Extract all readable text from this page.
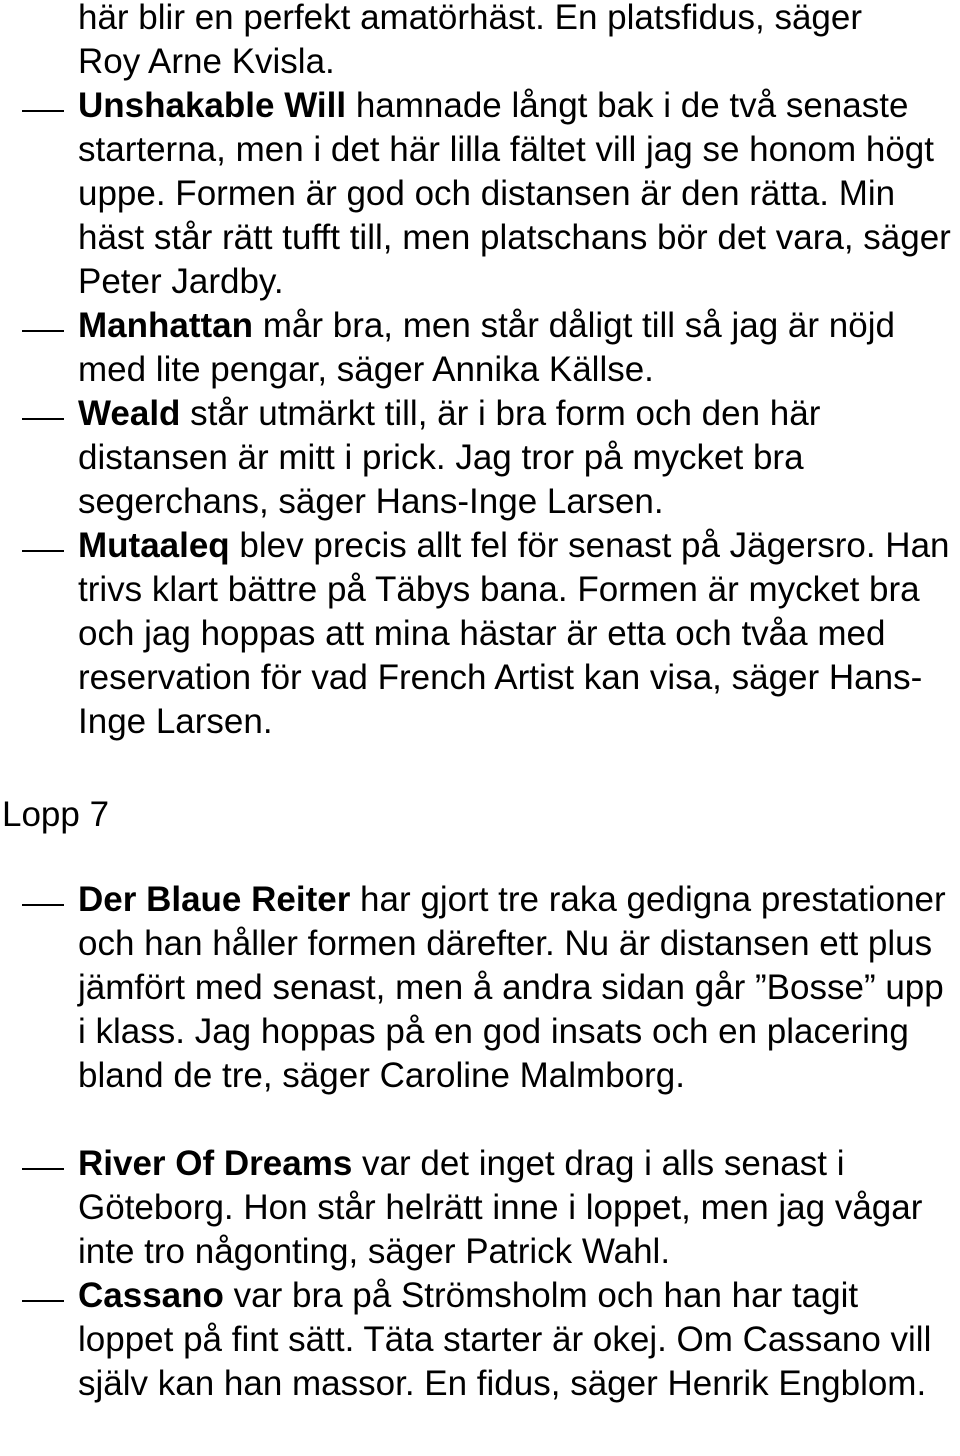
här blir en perfekt amatörhäst. En platsfidus, säger
Roy Arne Kvisla.

Unshakable Will hamnade långt bak i de två senaste starterna, men i det här lilla fältet vill jag se honom högt uppe. Formen är god och distansen är den rätta. Min häst står rätt tufft till, men platschans bör det vara, säger Peter Jardby.

Manhattan mår bra, men står dåligt till så jag är nöjd med lite pengar, säger Annika Källse.

Weald står utmärkt till, är i bra form och den här distansen är mitt i prick. Jag tror på mycket bra segerchans, säger Hans-Inge Larsen.

Mutaaleq blev precis allt fel för senast på Jägersro. Han trivs klart bättre på Täbys bana. Formen är mycket bra och jag hoppas att mina hästar är etta och tvåa med reservation för vad French Artist kan visa, säger Hans-Inge Larsen.

Lopp 7

Der Blaue Reiter har gjort tre raka gedigna prestationer och han håller formen därefter. Nu är distansen ett plus jämfört med senast, men å andra sidan går ”Bosse” upp i klass. Jag hoppas på en god insats och en placering bland de tre, säger Caroline Malmborg.

River Of Dreams var det inget drag i alls senast i Göteborg. Hon står helrätt inne i loppet, men jag vågar inte tro någonting, säger Patrick Wahl.

Cassano var bra på Strömsholm och han har tagit loppet på fint sätt. Täta starter är okej. Om Cassano vill själv kan han massor. En fidus, säger Henrik Engblom.
